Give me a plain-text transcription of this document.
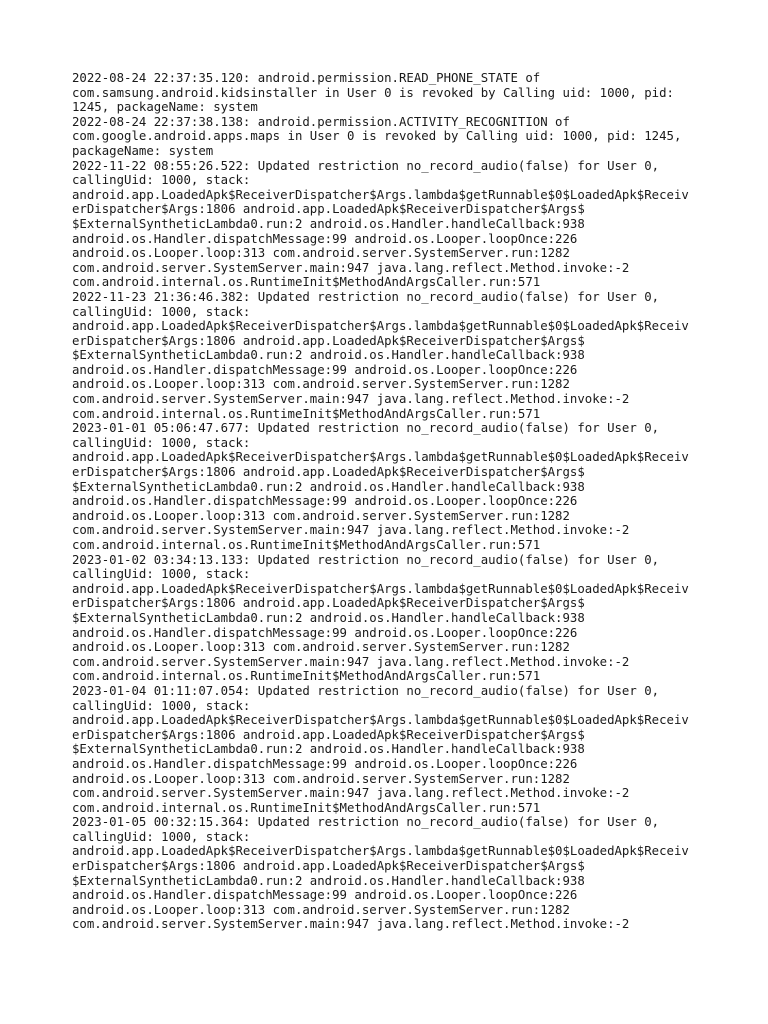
2022-08-24 22:37:35.120: android.permission.READ_PHONE_STATE of
com.samsung.android.kidsinstaller in User 0 is revoked by Calling uid: 1000, pid:
1245, packageName: system
2022-08-24 22:37:38.138: android.permission.ACTIVITY_RECOGNITION of
com.google.android.apps.maps in User 0 is revoked by Calling uid: 1000, pid: 1245,
packageName: system
2022-11-22 08:55:26.522: Updated restriction no_record_audio(false) for User 0,
callingUid: 1000, stack:
android.app.LoadedApk$ReceiverDispatcher$Args.lambda$getRunnable$0$LoadedApk$Receiv
erDispatcher$Args:1806 android.app.LoadedApk$ReceiverDispatcher$Args$
$ExternalSyntheticLambda0.run:2 android.os.Handler.handleCallback:938
android.os.Handler.dispatchMessage:99 android.os.Looper.loopOnce:226
android.os.Looper.loop:313 com.android.server.SystemServer.run:1282
com.android.server.SystemServer.main:947 java.lang.reflect.Method.invoke:-2
com.android.internal.os.RuntimeInit$MethodAndArgsCaller.run:571
2022-11-23 21:36:46.382: Updated restriction no_record_audio(false) for User 0,
callingUid: 1000, stack:
android.app.LoadedApk$ReceiverDispatcher$Args.lambda$getRunnable$0$LoadedApk$Receiv
erDispatcher$Args:1806 android.app.LoadedApk$ReceiverDispatcher$Args$
$ExternalSyntheticLambda0.run:2 android.os.Handler.handleCallback:938
android.os.Handler.dispatchMessage:99 android.os.Looper.loopOnce:226
android.os.Looper.loop:313 com.android.server.SystemServer.run:1282
com.android.server.SystemServer.main:947 java.lang.reflect.Method.invoke:-2
com.android.internal.os.RuntimeInit$MethodAndArgsCaller.run:571
2023-01-01 05:06:47.677: Updated restriction no_record_audio(false) for User 0,
callingUid: 1000, stack:
android.app.LoadedApk$ReceiverDispatcher$Args.lambda$getRunnable$0$LoadedApk$Receiv
erDispatcher$Args:1806 android.app.LoadedApk$ReceiverDispatcher$Args$
$ExternalSyntheticLambda0.run:2 android.os.Handler.handleCallback:938
android.os.Handler.dispatchMessage:99 android.os.Looper.loopOnce:226
android.os.Looper.loop:313 com.android.server.SystemServer.run:1282
com.android.server.SystemServer.main:947 java.lang.reflect.Method.invoke:-2
com.android.internal.os.RuntimeInit$MethodAndArgsCaller.run:571
2023-01-02 03:34:13.133: Updated restriction no_record_audio(false) for User 0,
callingUid: 1000, stack:
android.app.LoadedApk$ReceiverDispatcher$Args.lambda$getRunnable$0$LoadedApk$Receiv
erDispatcher$Args:1806 android.app.LoadedApk$ReceiverDispatcher$Args$
$ExternalSyntheticLambda0.run:2 android.os.Handler.handleCallback:938
android.os.Handler.dispatchMessage:99 android.os.Looper.loopOnce:226
android.os.Looper.loop:313 com.android.server.SystemServer.run:1282
com.android.server.SystemServer.main:947 java.lang.reflect.Method.invoke:-2
com.android.internal.os.RuntimeInit$MethodAndArgsCaller.run:571
2023-01-04 01:11:07.054: Updated restriction no_record_audio(false) for User 0,
callingUid: 1000, stack:
android.app.LoadedApk$ReceiverDispatcher$Args.lambda$getRunnable$0$LoadedApk$Receiv
erDispatcher$Args:1806 android.app.LoadedApk$ReceiverDispatcher$Args$
$ExternalSyntheticLambda0.run:2 android.os.Handler.handleCallback:938
android.os.Handler.dispatchMessage:99 android.os.Looper.loopOnce:226
android.os.Looper.loop:313 com.android.server.SystemServer.run:1282
com.android.server.SystemServer.main:947 java.lang.reflect.Method.invoke:-2
com.android.internal.os.RuntimeInit$MethodAndArgsCaller.run:571
2023-01-05 00:32:15.364: Updated restriction no_record_audio(false) for User 0,
callingUid: 1000, stack:
android.app.LoadedApk$ReceiverDispatcher$Args.lambda$getRunnable$0$LoadedApk$Receiv
erDispatcher$Args:1806 android.app.LoadedApk$ReceiverDispatcher$Args$
$ExternalSyntheticLambda0.run:2 android.os.Handler.handleCallback:938
android.os.Handler.dispatchMessage:99 android.os.Looper.loopOnce:226
android.os.Looper.loop:313 com.android.server.SystemServer.run:1282
com.android.server.SystemServer.main:947 java.lang.reflect.Method.invoke:-2
